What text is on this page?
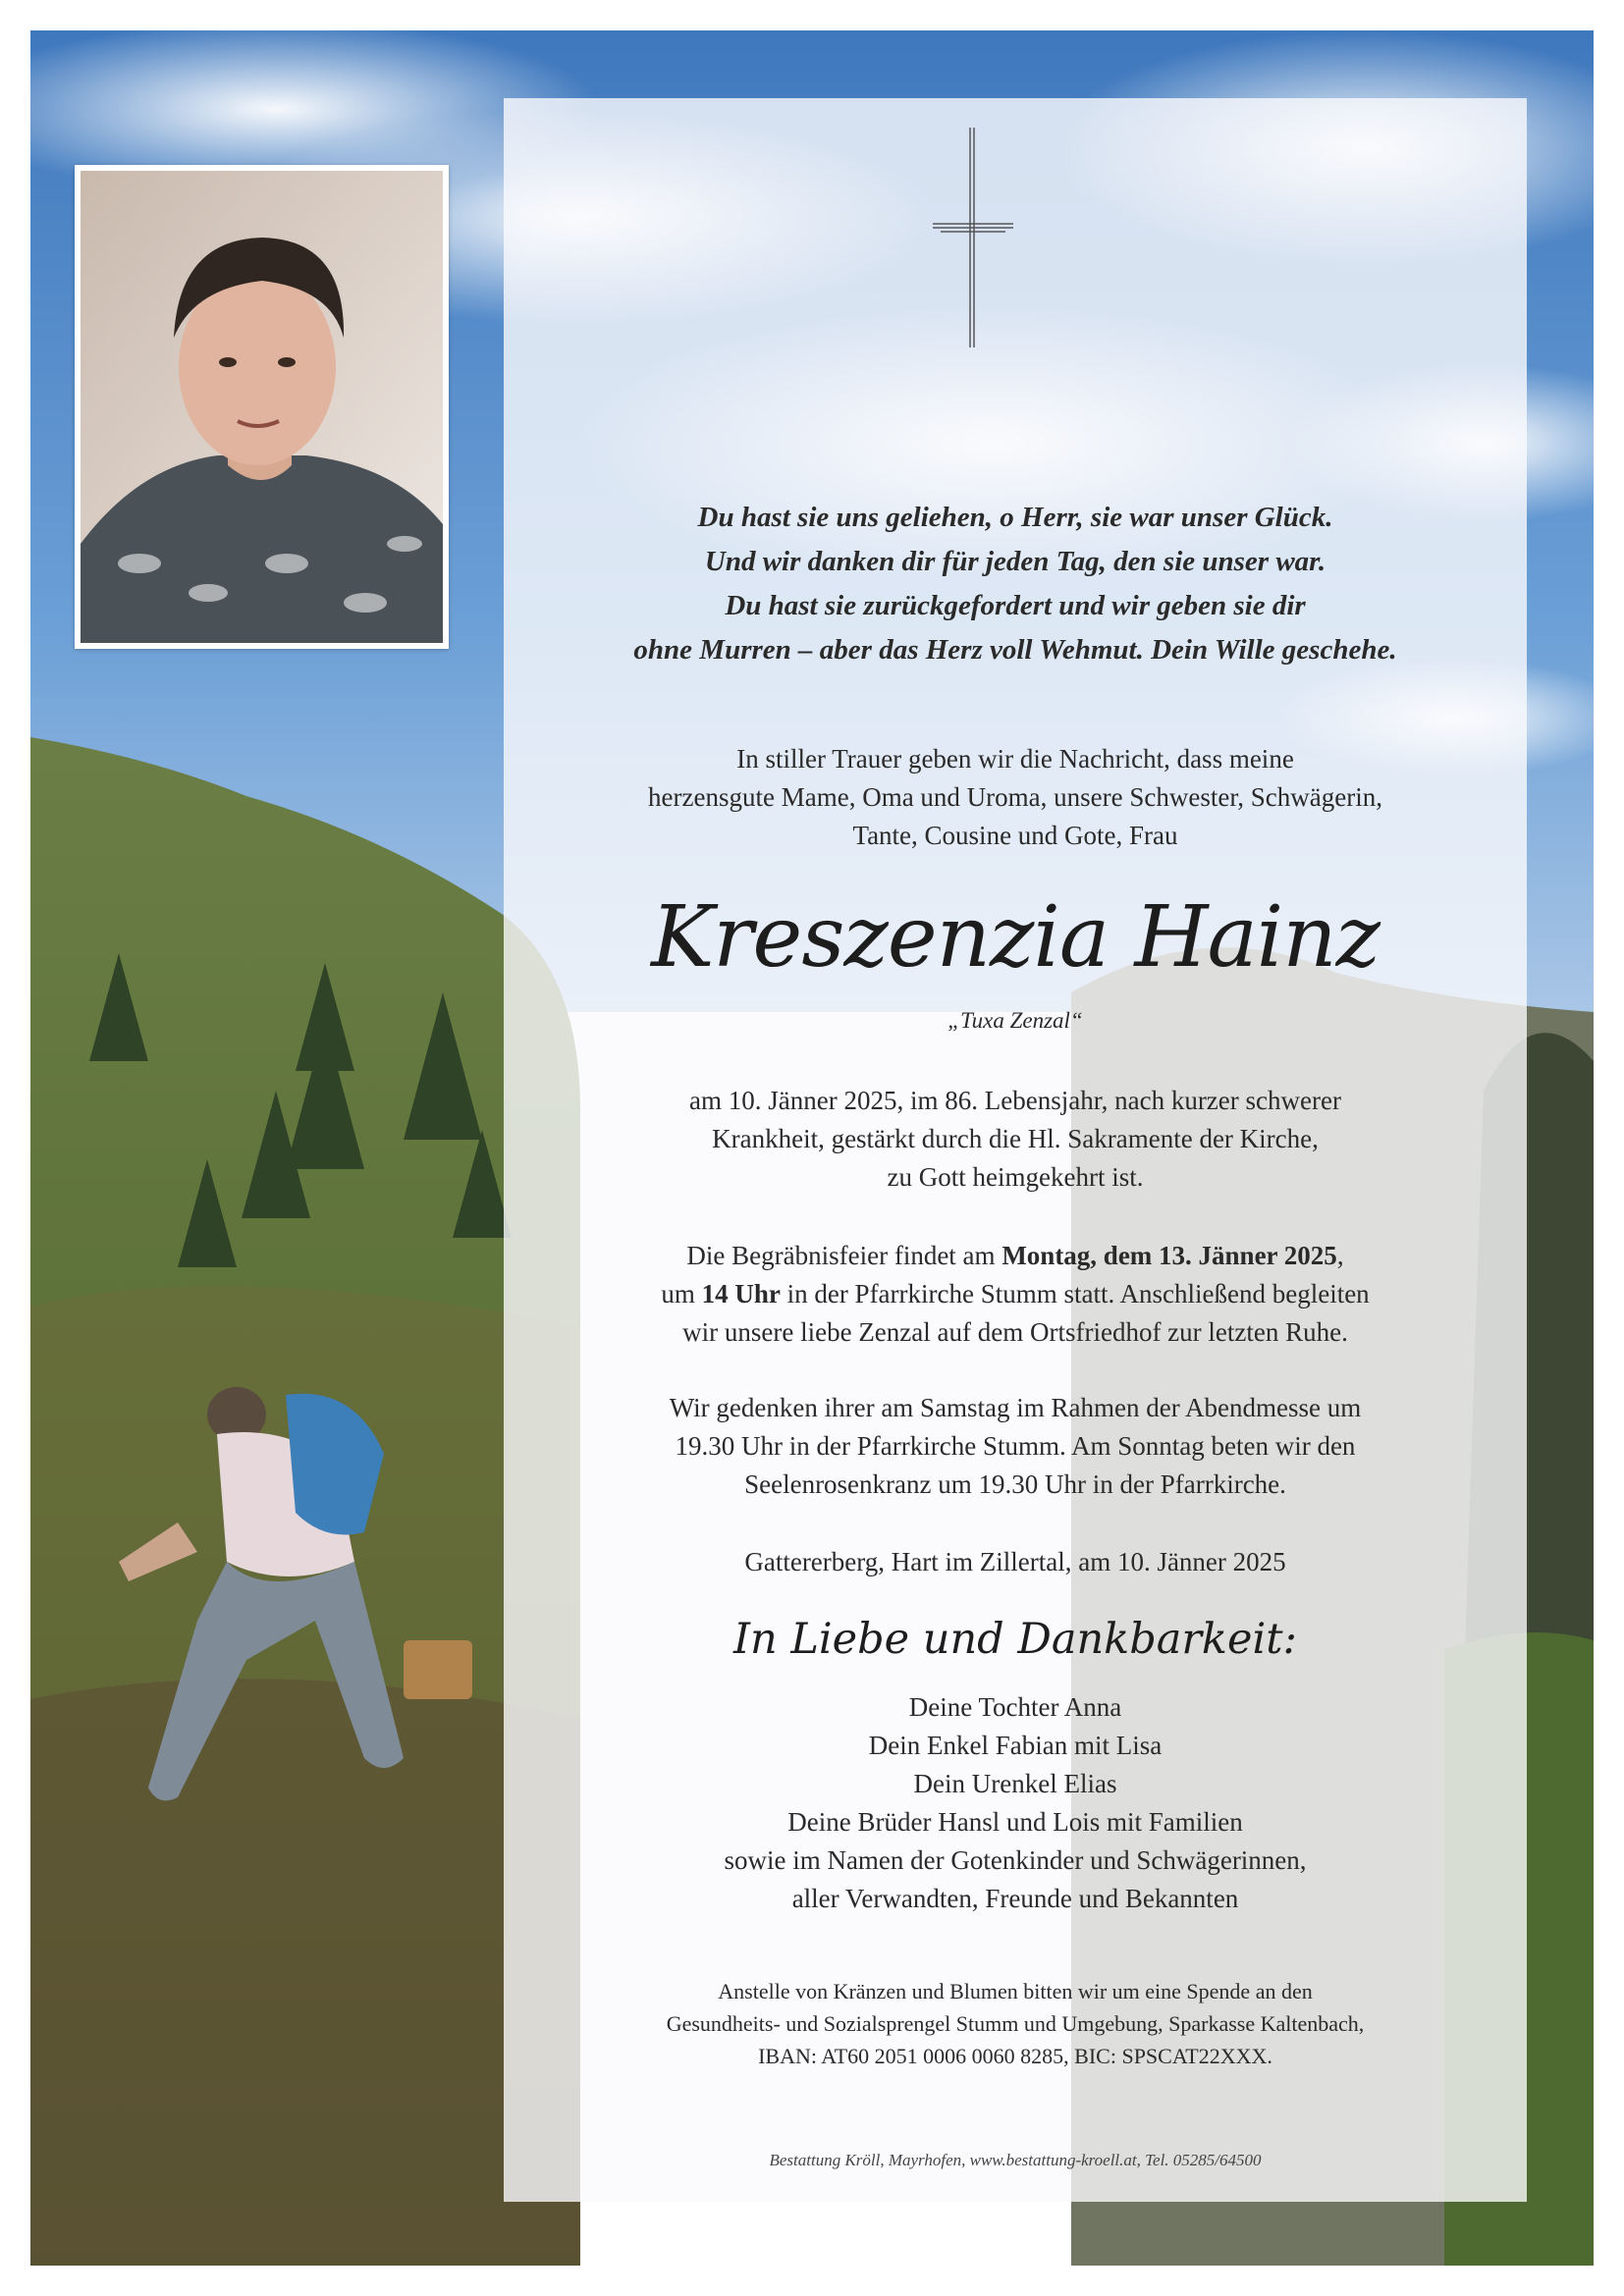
Du hast sie uns geliehen, o Herr, sie war unser Glück.
Und wir danken dir für jeden Tag, den sie unser war.
Du hast sie zurückgefordert und wir geben sie dir
ohne Murren – aber das Herz voll Wehmut. Dein Wille geschehe.
In stiller Trauer geben wir die Nachricht, dass meine
herzensgute Mame, Oma und Uroma, unsere Schwester, Schwägerin,
Tante, Cousine und Gote, Frau
Kreszenzia Hainz
„Tuxa Zenzal“
am 10. Jänner 2025, im 86. Lebensjahr, nach kurzer schwerer
Krankheit, gestärkt durch die Hl. Sakramente der Kirche,
zu Gott heimgekehrt ist.
Die Begräbnisfeier findet am Montag, dem 13. Jänner 2025,
um 14 Uhr in der Pfarrkirche Stumm statt. Anschließend begleiten
wir unsere liebe Zenzal auf dem Ortsfriedhof zur letzten Ruhe.
Wir gedenken ihrer am Samstag im Rahmen der Abendmesse um
19.30 Uhr in der Pfarrkirche Stumm. Am Sonntag beten wir den
Seelenrosenkranz um 19.30 Uhr in der Pfarrkirche.
Gattererberg, Hart im Zillertal, am 10. Jänner 2025
In Liebe und Dankbarkeit:
Deine Tochter Anna
Dein Enkel Fabian mit Lisa
Dein Urenkel Elias
Deine Brüder Hansl und Lois mit Familien
sowie im Namen der Gotenkinder und Schwägerinnen,
aller Verwandten, Freunde und Bekannten
Anstelle von Kränzen und Blumen bitten wir um eine Spende an den
Gesundheits- und Sozialsprengel Stumm und Umgebung, Sparkasse Kaltenbach,
IBAN: AT60 2051 0006 0060 8285, BIC: SPSCAT22XXX.
Bestattung Kröll, Mayrhofen, www.bestattung-kroell.at, Tel. 05285/64500
